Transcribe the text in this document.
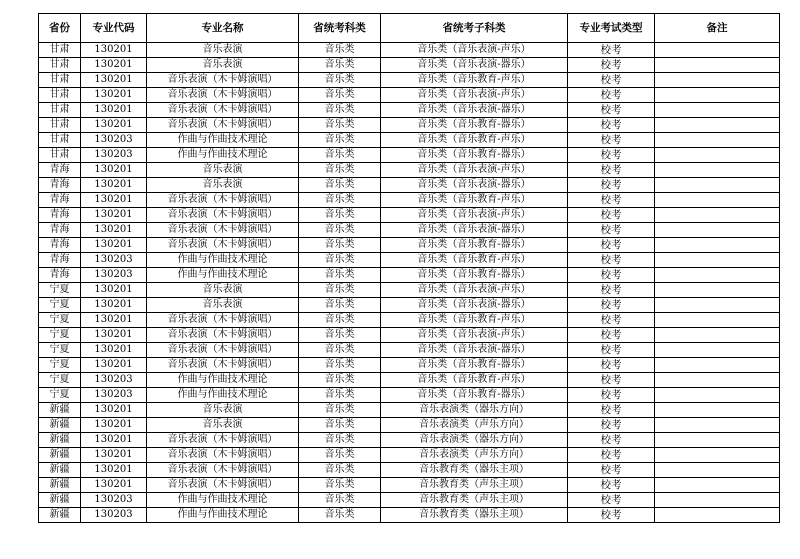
省份	专业代码	专业名称	省统考科类	省统考子科类	专业考试类型	备注
甘肃	130201	音乐表演	音乐类	音乐类（音乐表演-声乐）	校考	
甘肃	130201	音乐表演	音乐类	音乐类（音乐表演-器乐）	校考	
甘肃	130201	音乐表演（木卡姆演唱）	音乐类	音乐类（音乐教育-声乐）	校考	
甘肃	130201	音乐表演（木卡姆演唱）	音乐类	音乐类（音乐表演-声乐）	校考	
甘肃	130201	音乐表演（木卡姆演唱）	音乐类	音乐类（音乐表演-器乐）	校考	
甘肃	130201	音乐表演（木卡姆演唱）	音乐类	音乐类（音乐教育-器乐）	校考	
甘肃	130203	作曲与作曲技术理论	音乐类	音乐类（音乐教育-声乐）	校考	
甘肃	130203	作曲与作曲技术理论	音乐类	音乐类（音乐教育-器乐）	校考	
青海	130201	音乐表演	音乐类	音乐类（音乐表演-声乐）	校考	
青海	130201	音乐表演	音乐类	音乐类（音乐表演-器乐）	校考	
青海	130201	音乐表演（木卡姆演唱）	音乐类	音乐类（音乐教育-声乐）	校考	
青海	130201	音乐表演（木卡姆演唱）	音乐类	音乐类（音乐表演-声乐）	校考	
青海	130201	音乐表演（木卡姆演唱）	音乐类	音乐类（音乐表演-器乐）	校考	
青海	130201	音乐表演（木卡姆演唱）	音乐类	音乐类（音乐教育-器乐）	校考	
青海	130203	作曲与作曲技术理论	音乐类	音乐类（音乐教育-声乐）	校考	
青海	130203	作曲与作曲技术理论	音乐类	音乐类（音乐教育-器乐）	校考	
宁夏	130201	音乐表演	音乐类	音乐类（音乐表演-声乐）	校考	
宁夏	130201	音乐表演	音乐类	音乐类（音乐表演-器乐）	校考	
宁夏	130201	音乐表演（木卡姆演唱）	音乐类	音乐类（音乐教育-声乐）	校考	
宁夏	130201	音乐表演（木卡姆演唱）	音乐类	音乐类（音乐表演-声乐）	校考	
宁夏	130201	音乐表演（木卡姆演唱）	音乐类	音乐类（音乐表演-器乐）	校考	
宁夏	130201	音乐表演（木卡姆演唱）	音乐类	音乐类（音乐教育-器乐）	校考	
宁夏	130203	作曲与作曲技术理论	音乐类	音乐类（音乐教育-声乐）	校考	
宁夏	130203	作曲与作曲技术理论	音乐类	音乐类（音乐教育-器乐）	校考	
新疆	130201	音乐表演	音乐类	音乐表演类（器乐方向）	校考	
新疆	130201	音乐表演	音乐类	音乐表演类（声乐方向）	校考	
新疆	130201	音乐表演（木卡姆演唱）	音乐类	音乐表演类（器乐方向）	校考	
新疆	130201	音乐表演（木卡姆演唱）	音乐类	音乐表演类（声乐方向）	校考	
新疆	130201	音乐表演（木卡姆演唱）	音乐类	音乐教育类（器乐主项）	校考	
新疆	130201	音乐表演（木卡姆演唱）	音乐类	音乐教育类（声乐主项）	校考	
新疆	130203	作曲与作曲技术理论	音乐类	音乐教育类（声乐主项）	校考	
新疆	130203	作曲与作曲技术理论	音乐类	音乐教育类（器乐主项）	校考	
